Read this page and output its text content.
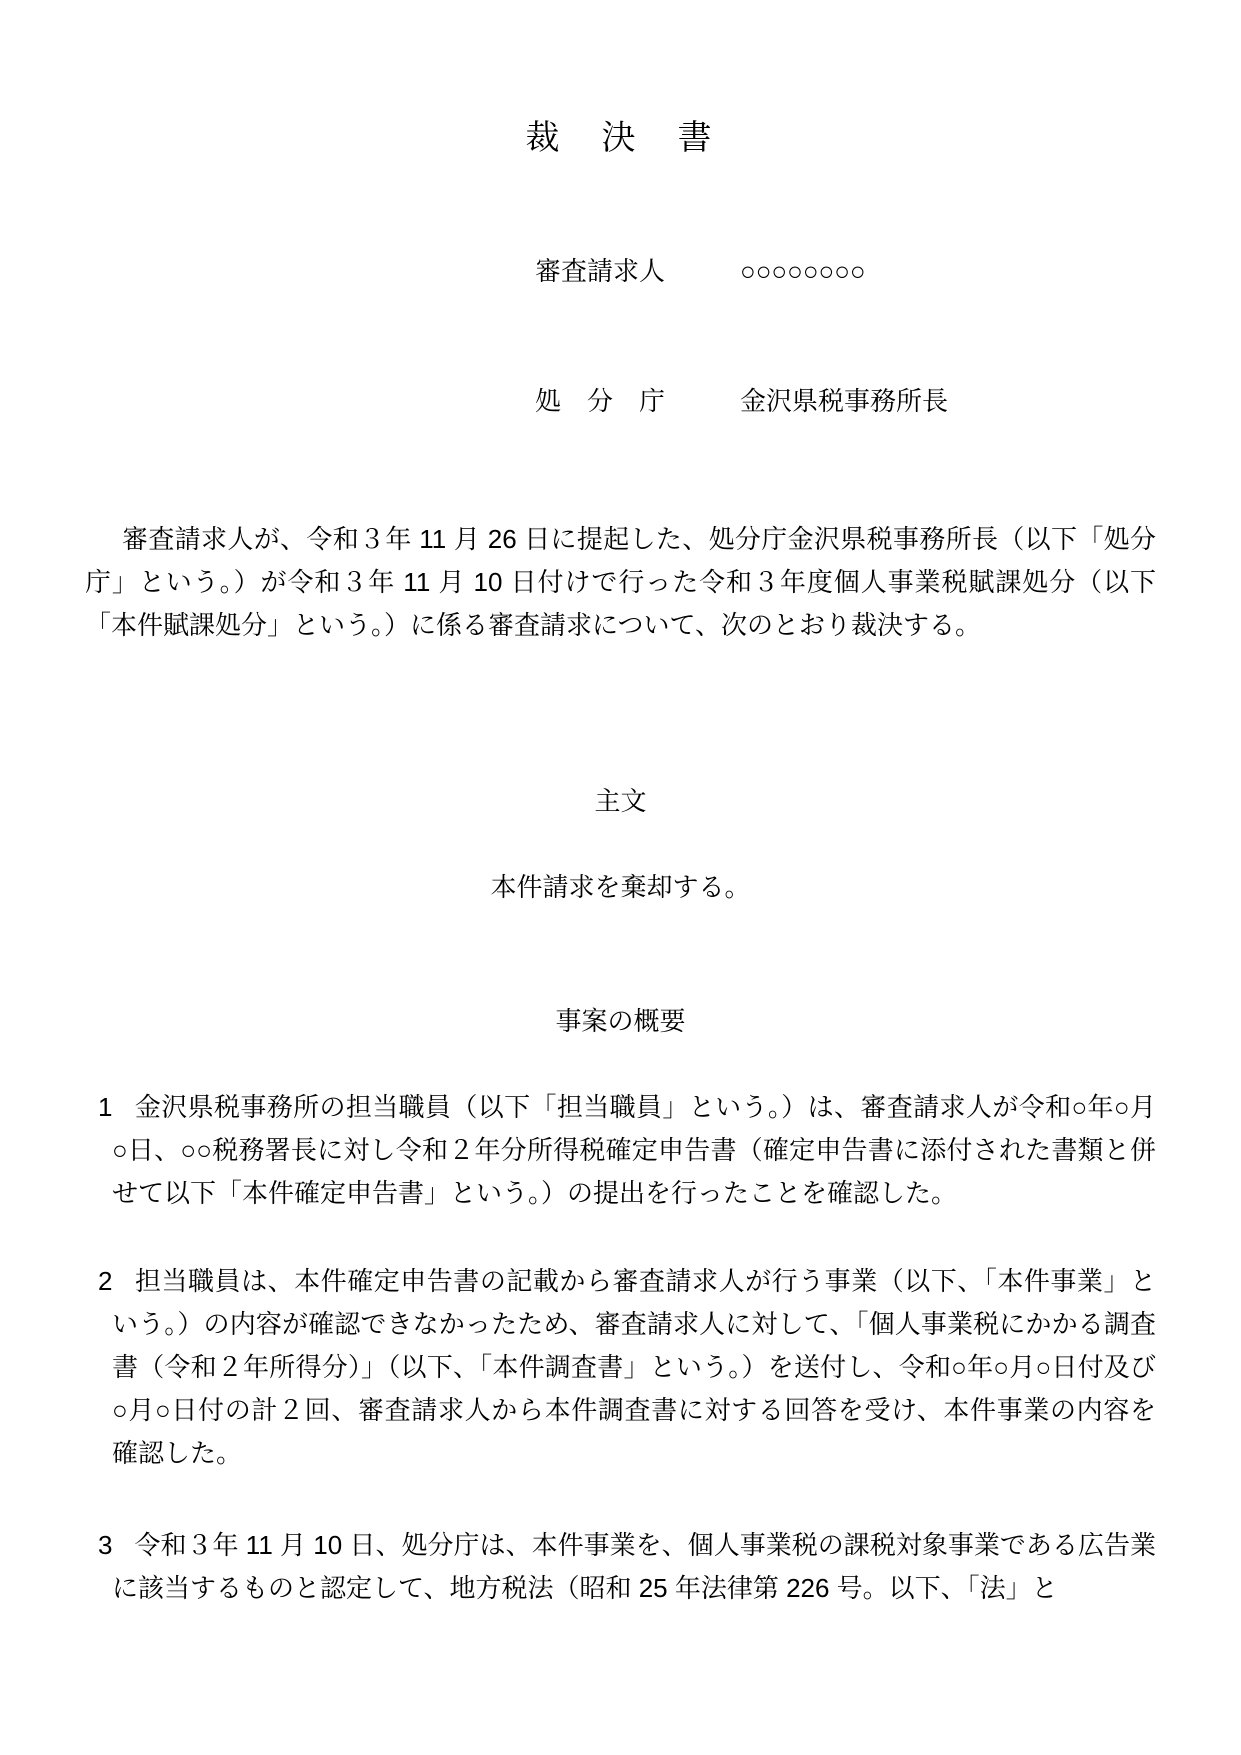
裁　決　書
審査請求人	○○○○○○○○
処　分　庁	金沢県税事務所長
審査請求人が、令和３年 11 月 26 日に提起した、処分庁金沢県税事務所長（以下「処分庁」という。）が令和３年 11 月 10 日付けで行った令和３年度個人事業税賦課処分（以下「本件賦課処分」という。）に係る審査請求について、次のとおり裁決する。
主文
本件請求を棄却する。
事案の概要
1 金沢県税事務所の担当職員（以下「担当職員」という。）は、審査請求人が令和○年○月○日、○○税務署長に対し令和２年分所得税確定申告書（確定申告書に添付された書類と併せて以下「本件確定申告書」という。）の提出を行ったことを確認した。
2 担当職員は、本件確定申告書の記載から審査請求人が行う事業（以下、「本件事業」という。）の内容が確認できなかったため、審査請求人に対して、「個人事業税にかかる調査書（令和２年所得分）」（以下、「本件調査書」という。）を送付し、令和○年○月○日付及び○月○日付の計２回、審査請求人から本件調査書に対する回答を受け、本件事業の内容を確認した。
3 令和３年 11 月 10 日、処分庁は、本件事業を、個人事業税の課税対象事業である広告業に該当するものと認定して、地方税法（昭和 25 年法律第 226 号。以下、「法」と
